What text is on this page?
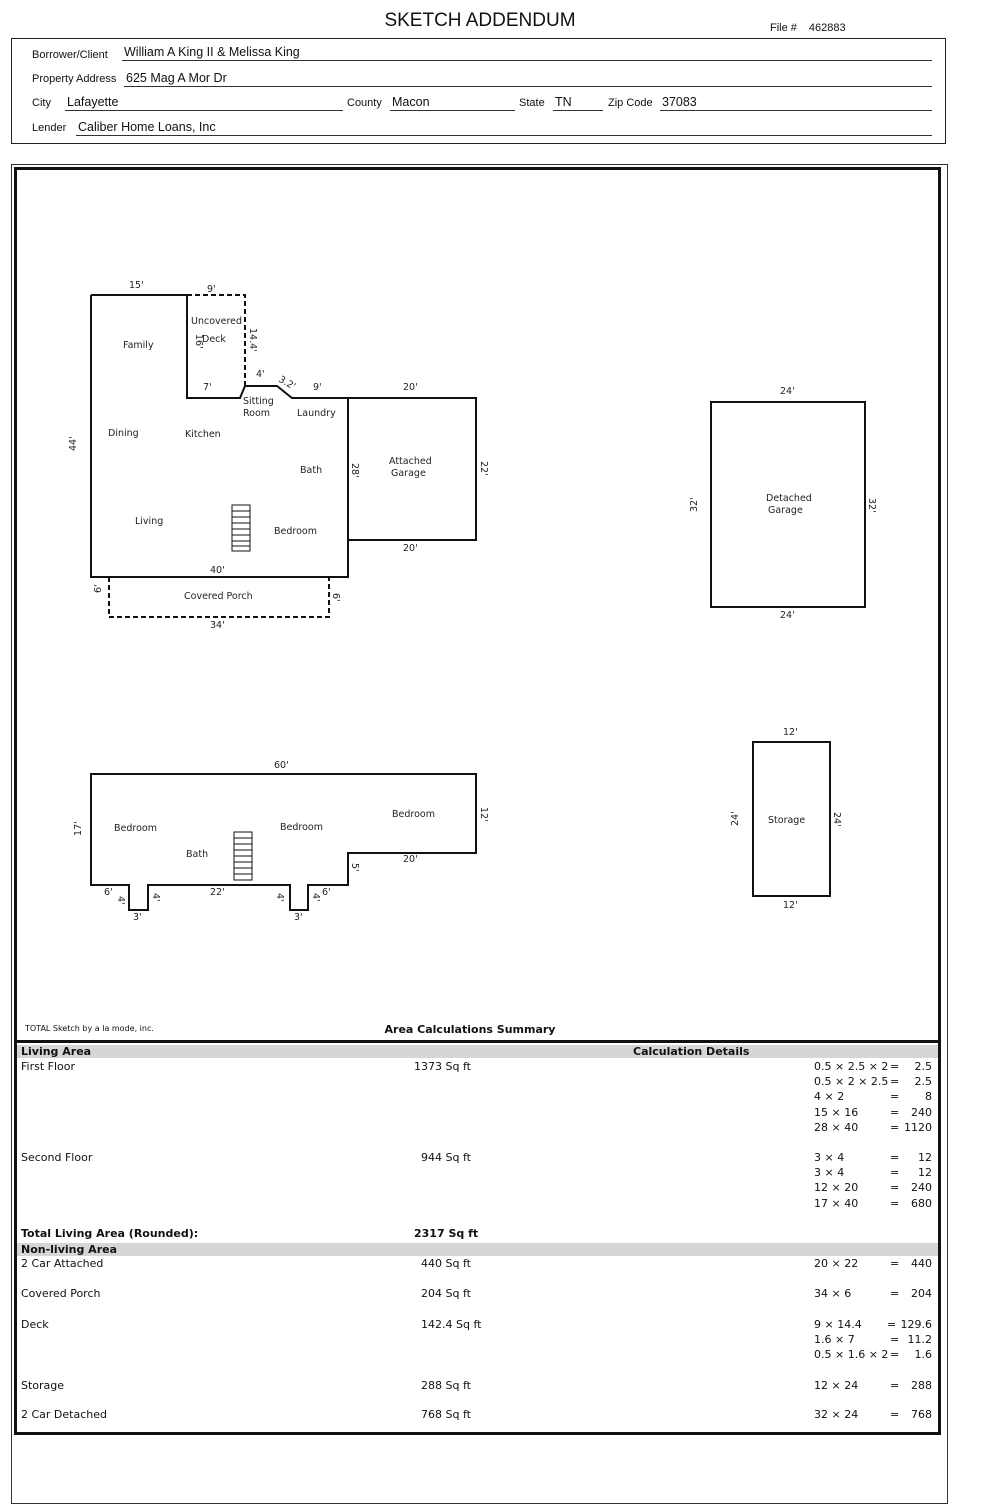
SKETCH ADDENDUM	File # 462883
Borrower/Client William A King II & Melissa King
Property Address 625 Mag A Mor Dr
City Lafayette	County Macon	State TN	Zip Code 37083
Lender Caliber Home Loans, Inc
Family
Uncovered
Deck
Sitting
Room	Laundry
Dining	Kitchen
Bath
Living
Bedroom
Covered Porch
Attached
Garage
15'	9'
16'	14.4'
7'
4' 3.2' 9'	20'
44'
28'	22'
20'
40'
6'
6'
34'
Detached
Garage
24'
32'	32'
24'
Bedroom
Bath
Bedroom
Bedroom
60'
17'
12'
20'
5'
6'
4'	4'	22'	4'	4' 6'
3'	3'
Storage
12'
24'	24'
12'
TOTAL Sketch by a la mode, inc.	Area Calculations Summary
Living Area	Calculation Details
First Floor	1373 Sq ft	0.5 × 2.5 × 2 =	2.5
0.5 × 2 × 2.5 =	2.5
4 × 2	=	8
15 × 16	=	240
28 × 40	= 1120
Second Floor	944 Sq ft	3 × 4	=	12
3 × 4	=	12
12 × 20	=	240
17 × 40	=	680
Total Living Area (Rounded):	2317 Sq ft
Non-living Area
2 Car Attached	440 Sq ft	20 × 22	=	440
Covered Porch	204 Sq ft	34 × 6	=	204
Deck	142.4 Sq ft	9 × 14.4	= 129.6
1.6 × 7	= 11.2
0.5 × 1.6 × 2 =	1.6
Storage	288 Sq ft	12 × 24	=	288
2 Car Detached	768 Sq ft	32 × 24	=	768
